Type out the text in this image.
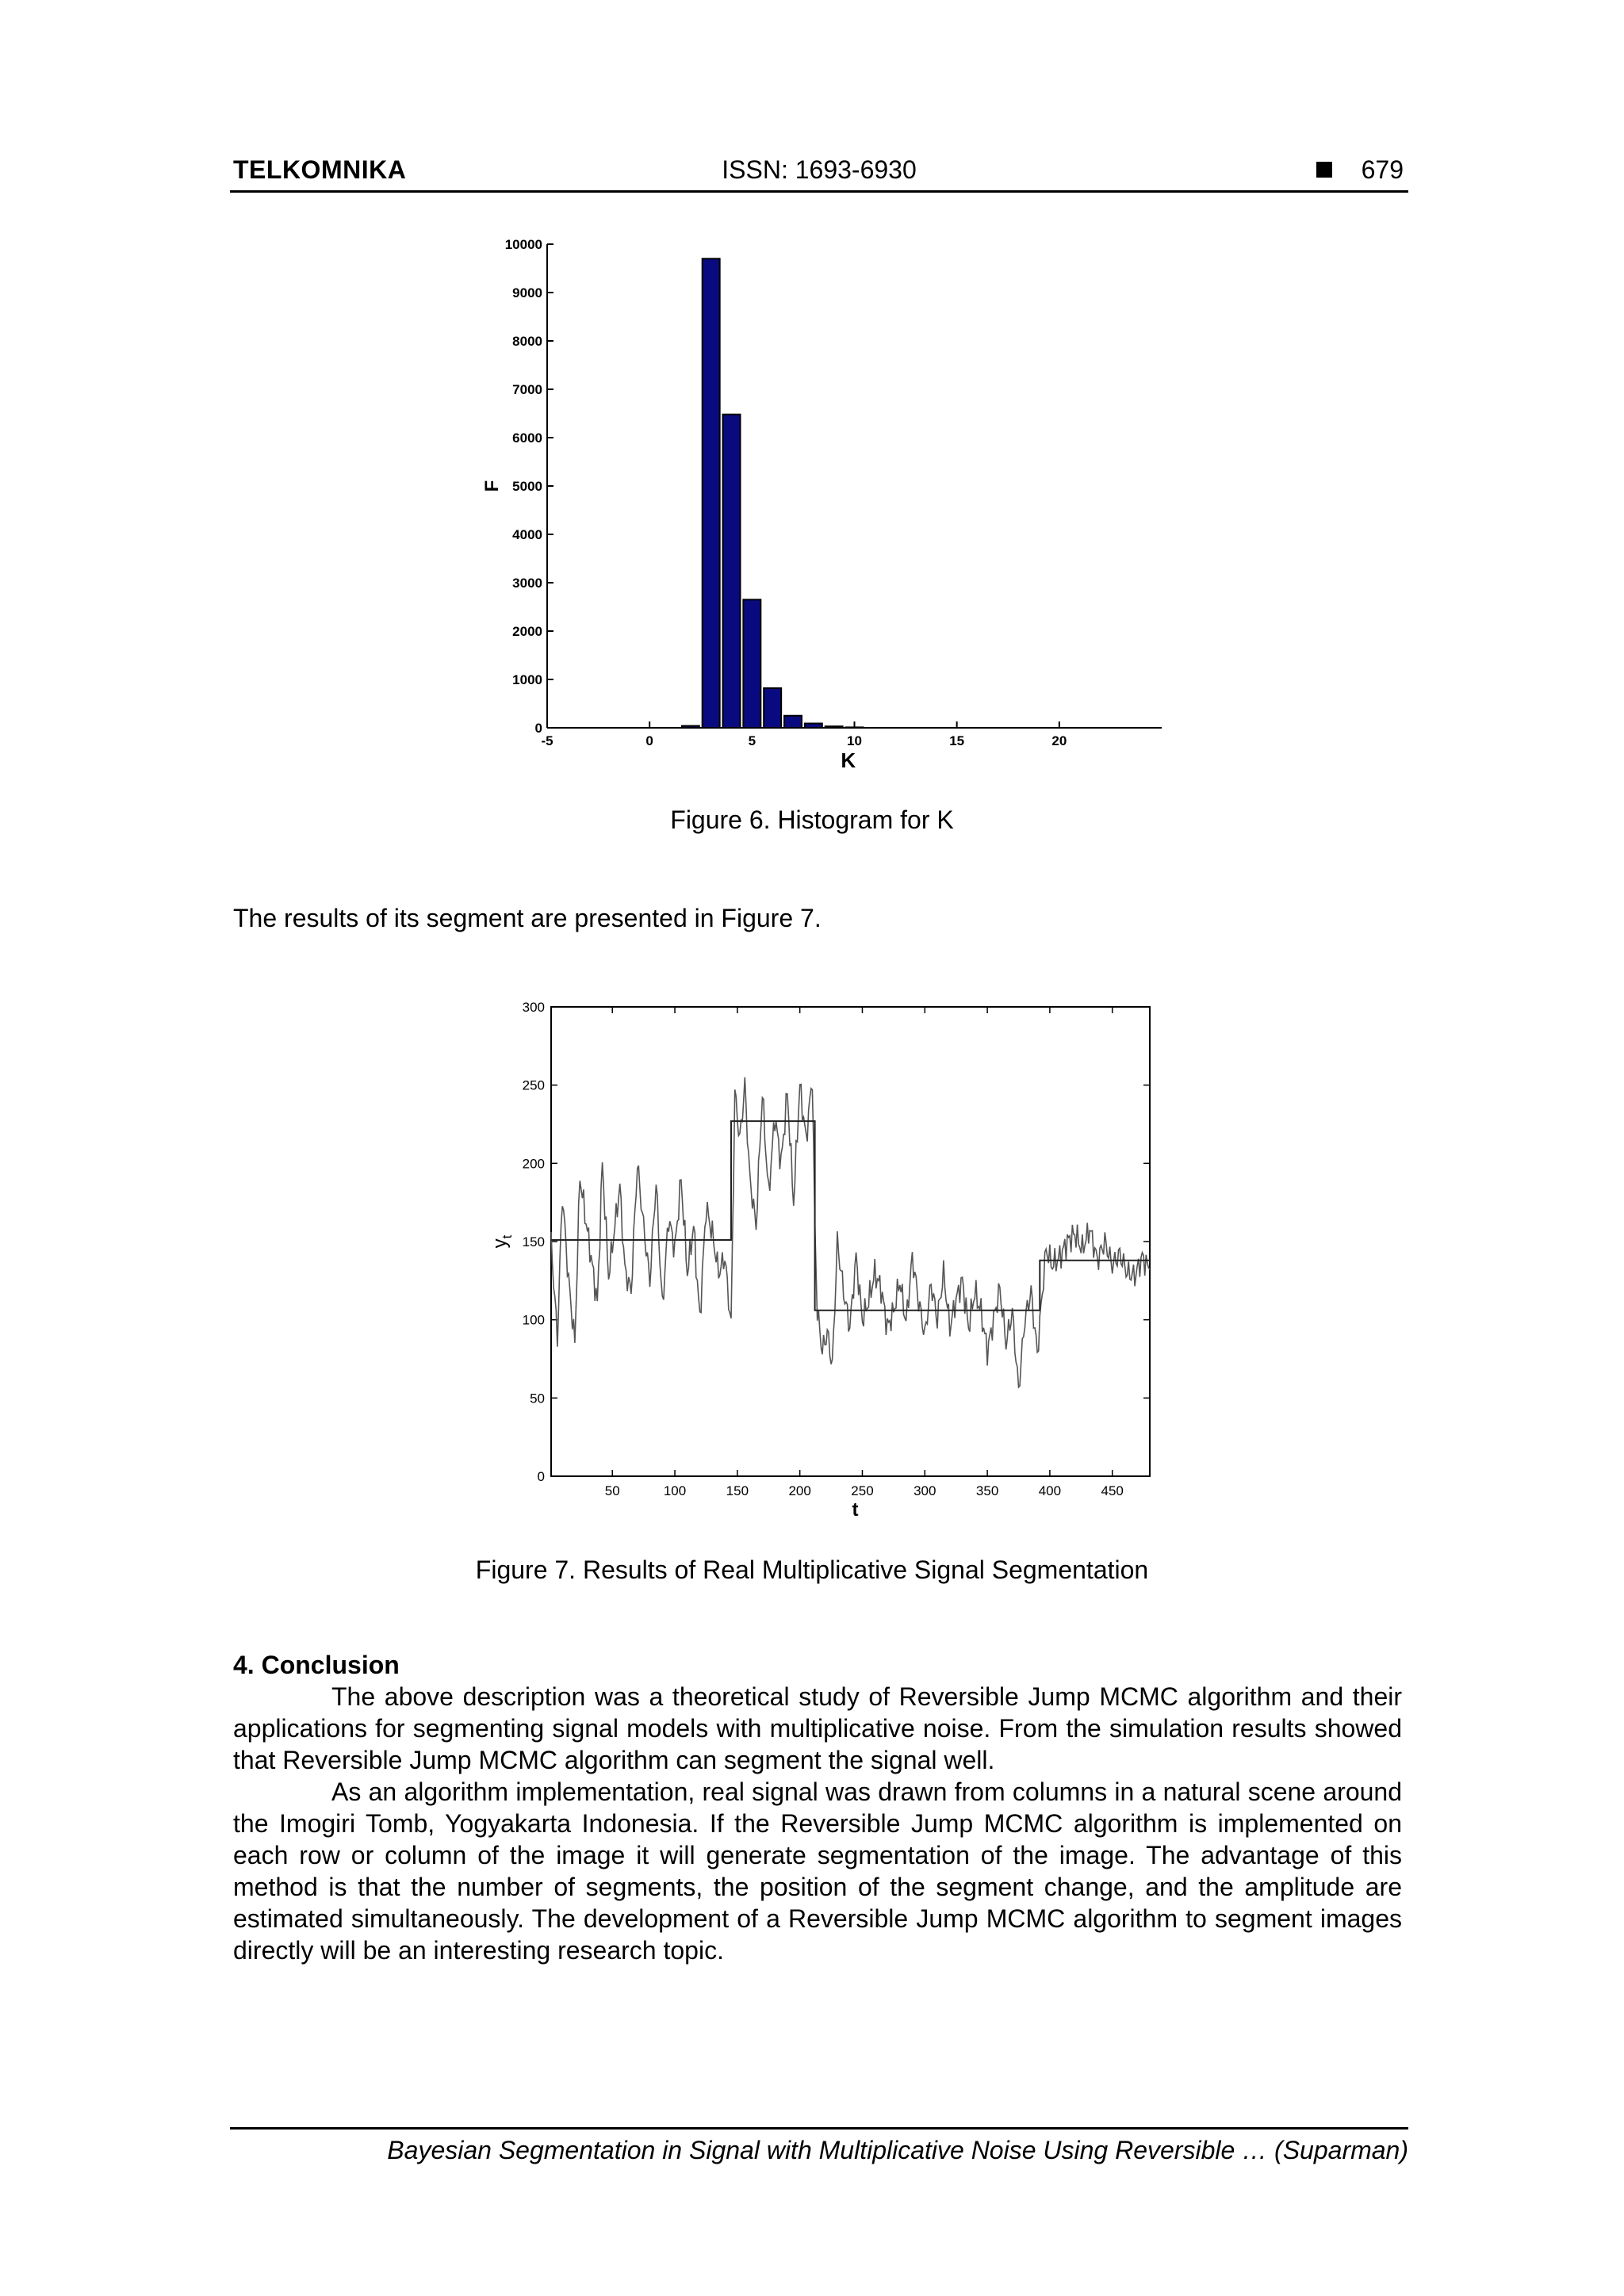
TELKOMNIKA	ISSN: 1693-6930	679
0
1000
2000
3000
4000
5000
6000
7000
8000
9000
10000
-5	0	5	10	15	20
K
F
Figure 6. Histogram for K
The results of its segment are presented in Figure 7.
0
50
100
150
200
250
300
50	100	150	200	250	300	350	400	450
t
$y_t$
Figure 7. Results of Real Multiplicative Signal Segmentation
4. Conclusion
The above description was a theoretical study of Reversible Jump MCMC algorithm and their applications for segmenting signal models with multiplicative noise. From the simulation results showed that Reversible Jump MCMC algorithm can segment the signal well.
As an algorithm implementation, real signal was drawn from columns in a natural scene around the Imogiri Tomb, Yogyakarta Indonesia. If the Reversible Jump MCMC algorithm is implemented on each row or column of the image it will generate segmentation of the image. The advantage of this method is that the number of segments, the position of the segment change, and the amplitude are estimated simultaneously. The development of a Reversible Jump MCMC algorithm to segment images directly will be an interesting research topic.
Bayesian Segmentation in Signal with Multiplicative Noise Using Reversible … (Suparman)
